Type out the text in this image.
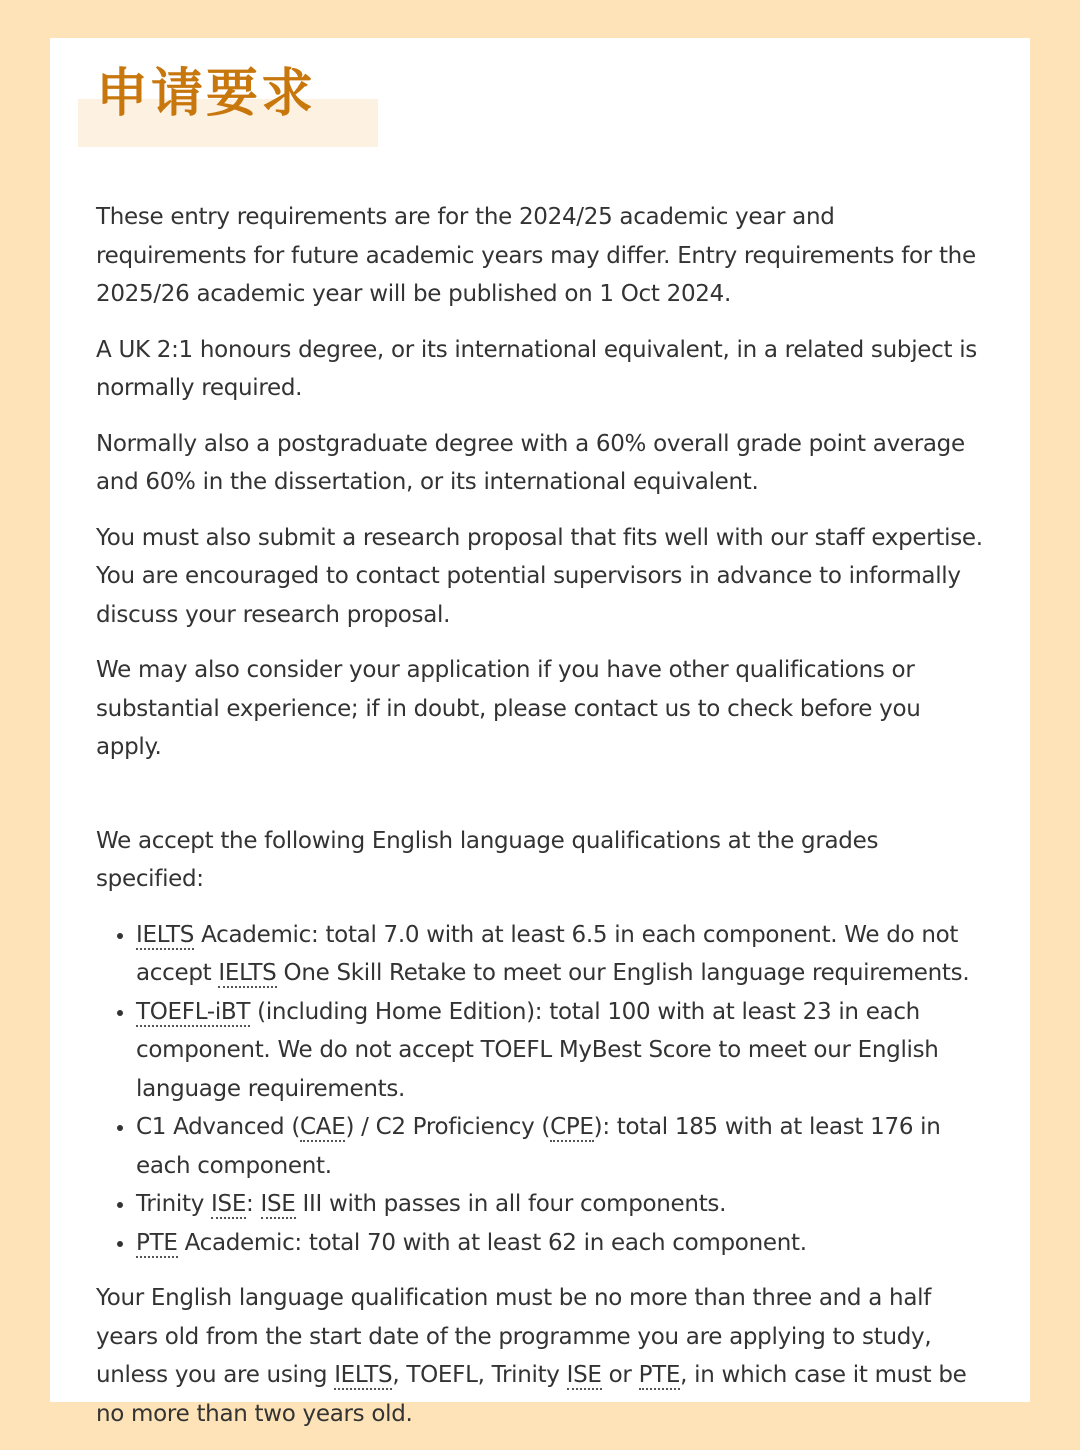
申请要求

These entry requirements are for the 2024/25 academic year and requirements for future academic years may differ. Entry requirements for the 2025/26 academic year will be published on 1 Oct 2024.

A UK 2:1 honours degree, or its international equivalent, in a related subject is normally required.

Normally also a postgraduate degree with a 60% overall grade point average and 60% in the dissertation, or its international equivalent.

You must also submit a research proposal that fits well with our staff expertise. You are encouraged to contact potential supervisors in advance to informally discuss your research proposal.

We may also consider your application if you have other qualifications or substantial experience; if in doubt, please contact us to check before you apply.

We accept the following English language qualifications at the grades specified:

• IELTS Academic: total 7.0 with at least 6.5 in each component. We do not accept IELTS One Skill Retake to meet our English language requirements.
• TOEFL-iBT (including Home Edition): total 100 with at least 23 in each component. We do not accept TOEFL MyBest Score to meet our English language requirements.
• C1 Advanced (CAE) / C2 Proficiency (CPE): total 185 with at least 176 in each component.
• Trinity ISE: ISE III with passes in all four components.
• PTE Academic: total 70 with at least 62 in each component.

Your English language qualification must be no more than three and a half years old from the start date of the programme you are applying to study, unless you are using IELTS, TOEFL, Trinity ISE or PTE, in which case it must be no more than two years old.
